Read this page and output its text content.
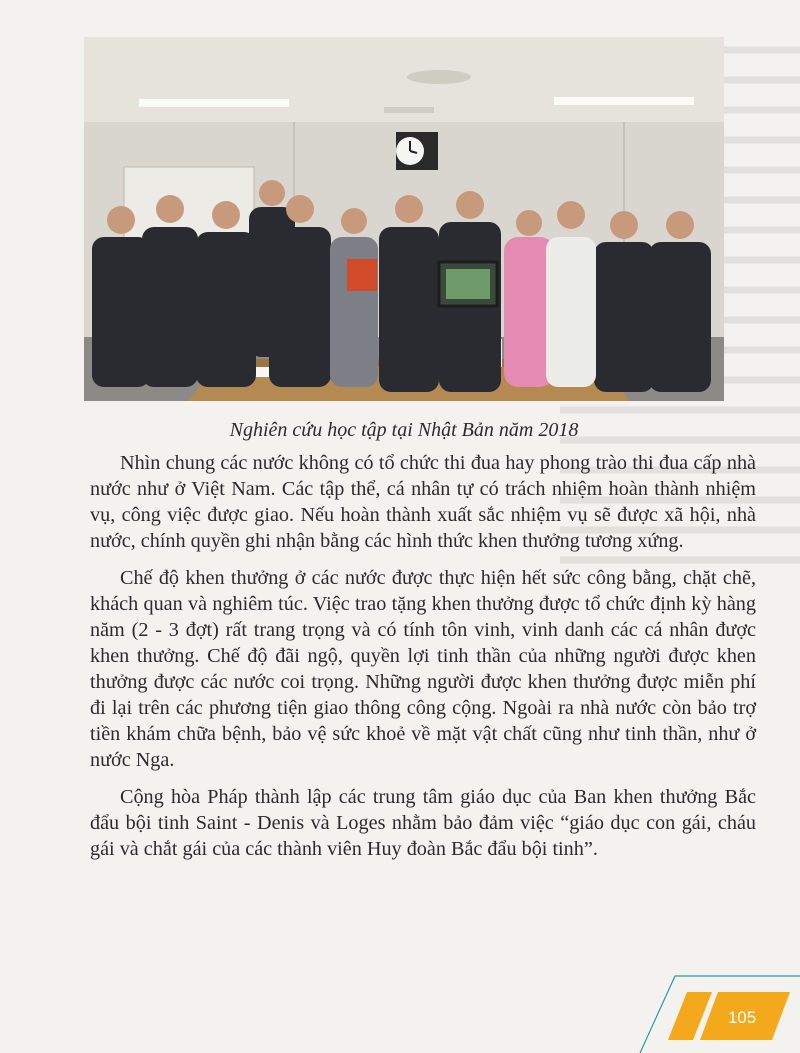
Nghiên cứu học tập tại Nhật Bản năm 2018

Nhìn chung các nước không có tổ chức thi đua hay phong trào thi đua cấp nhà nước như ở Việt Nam. Các tập thể, cá nhân tự có trách nhiệm hoàn thành nhiệm vụ, công việc được giao. Nếu hoàn thành xuất sắc nhiệm vụ sẽ được xã hội, nhà nước, chính quyền ghi nhận bằng các hình thức khen thưởng tương xứng.

Chế độ khen thưởng ở các nước được thực hiện hết sức công bằng, chặt chẽ, khách quan và nghiêm túc. Việc trao tặng khen thưởng được tổ chức định kỳ hàng năm (2 - 3 đợt) rất trang trọng và có tính tôn vinh, vinh danh các cá nhân được khen thưởng. Chế độ đãi ngộ, quyền lợi tinh thần của những người được khen thưởng được các nước coi trọng. Những người được khen thưởng được miễn phí đi lại trên các phương tiện giao thông công cộng. Ngoài ra nhà nước còn bảo trợ tiền khám chữa bệnh, bảo vệ sức khoẻ về mặt vật chất cũng như tinh thần, như ở nước Nga.

Cộng hòa Pháp thành lập các trung tâm giáo dục của Ban khen thưởng Bắc đẩu bội tinh Saint - Denis và Loges nhằm bảo đảm việc “giáo dục con gái, cháu gái và chắt gái của các thành viên Huy đoàn Bắc đẩu bội tinh”.

105
